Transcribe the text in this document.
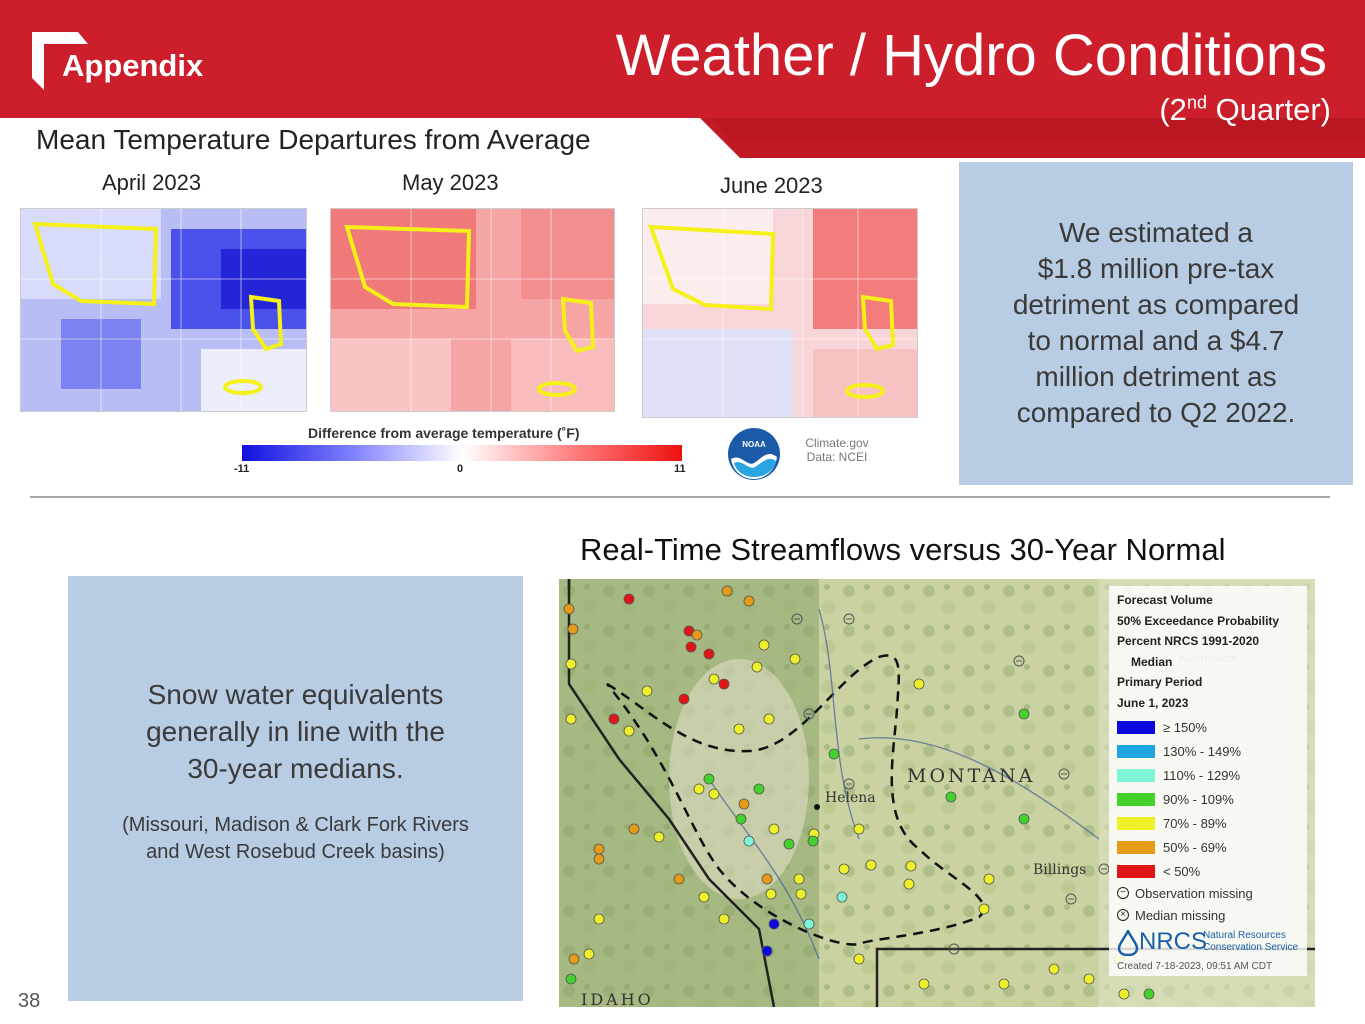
Appendix	Weather / Hydro Conditions
(2nd Quarter)
Mean Temperature Departures from Average
April 2023	May 2023	June 2023
Difference from average temperature (˚F)
-11	0	11
NOAA	Climate.gov
Data: NCEI
We estimated a
$1.8 million pre-tax
detriment as compared
to normal and a $4.7
million detriment as
compared to Q2 2022.
Real-Time Streamflows versus 30-Year Normal
Snow water equivalents
generally in line with the
30-year medians.
(Missouri, Madison & Clark Fork Rivers
and West Rosebud Creek basins)
Helena
MONTANA
Billings
IDAHO
Forecast Volume
50% Exceedance Probability
Percent NRCS 1991-2020
Median
Primary Period
June 1, 2023
≥ 150%
130% - 149%
110% - 129%
90% - 109%
70% - 89%
50% - 69%
< 50%
− Observation missing
× Median missing
NRCS
Natural Resources
Conservation Service
Created 7-18-2023, 09:51 AM CDT
38
